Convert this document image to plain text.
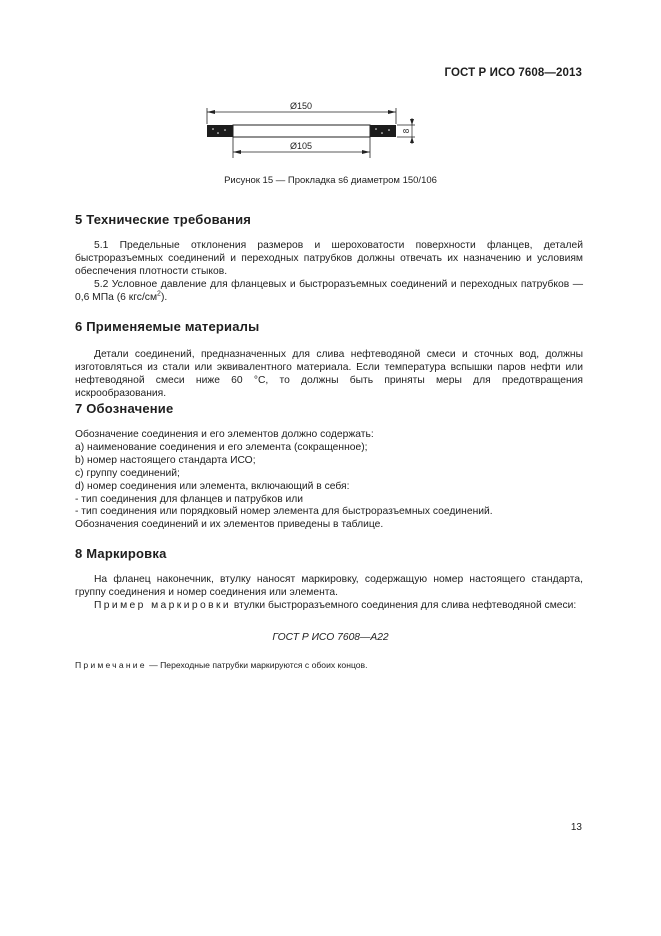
ГОСТ Р ИСО 7608—2013
Ø150
8
Ø105
Рисунок 15 — Прокладка s6 диаметром 150/106
5 Технические требования

5.1 Предельные отклонения размеров и шероховатости поверхности фланцев, деталей быстроразъемных соединений и переходных патрубков должны отвечать их назначению и условиям обеспечения плотности стыков.

5.2 Условное давление для фланцевых и быстроразъемных соединений и переходных патрубков — 0,6 МПа (6 кгс/$см^2$).

6 Применяемые материалы

Детали соединений, предназначенных для слива нефтеводяной смеси и сточных вод, должны изготовляться из стали или эквивалентного материала. Если температура вспышки паров нефти или нефтеводяной смеси ниже 60 °С, то должны быть приняты меры для предотвращения искрообразования.

7 Обозначение
Обозначение соединения и его элементов должно содержать:
a) наименование соединения и его элемента (сокращенное);
b) номер настоящего стандарта ИСО;
c) группу соединений;
d) номер соединения или элемента, включающий в себя:
- тип соединения для фланцев и патрубков или
- тип соединения или порядковый номер элемента для быстроразъемных соединений.
Обозначения соединений и их элементов приведены в таблице.
8 Маркировка

На фланец наконечник, втулку наносят маркировку, содержащую номер настоящего стандарта, группу соединения и номер соединения или элемента.

Пример маркировки втулки быстроразъемного соединения для слива нефтеводяной смеси:

ГОСТ Р ИСО 7608—А22
Примечание — Переходные патрубки маркируются с обоих концов.
13
